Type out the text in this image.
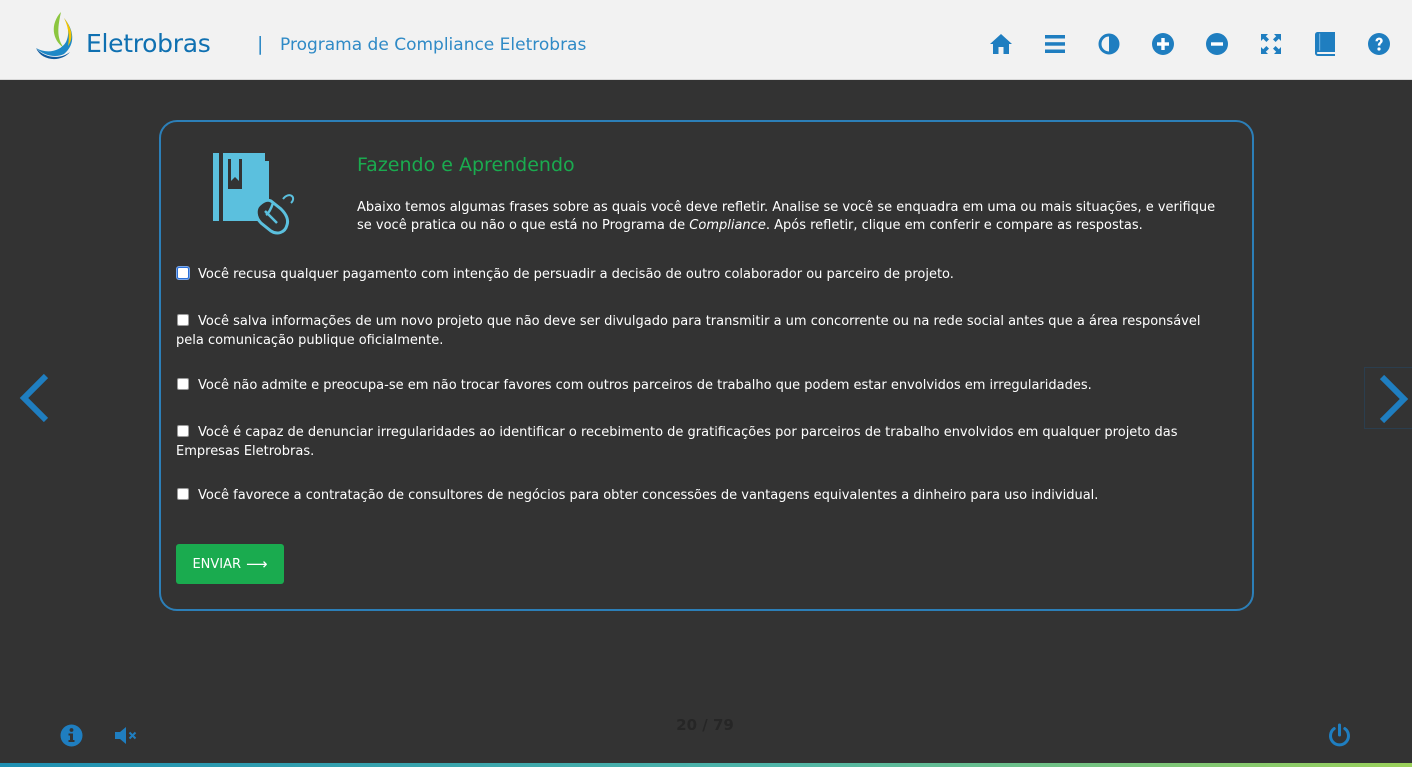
Eletrobras | Programa de Compliance Eletrobras
Fazendo e Aprendendo
Abaixo temos algumas frases sobre as quais você deve refletir. Analise se você se enquadra em uma ou mais situações, e verifique se você pratica ou não o que está no Programa de Compliance. Após refletir, clique em conferir e compare as respostas.
Você recusa qualquer pagamento com intenção de persuadir a decisão de outro colaborador ou parceiro de projeto.
Você salva informações de um novo projeto que não deve ser divulgado para transmitir a um concorrente ou na rede social antes que a área responsável pela comunicação publique oficialmente.
Você não admite e preocupa-se em não trocar favores com outros parceiros de trabalho que podem estar envolvidos em irregularidades.
Você é capaz de denunciar irregularidades ao identificar o recebimento de gratificações por parceiros de trabalho envolvidos em qualquer projeto das Empresas Eletrobras.
Você favorece a contratação de consultores de negócios para obter concessões de vantagens equivalentes a dinheiro para uso individual.
ENVIAR ⟶
20 / 79
